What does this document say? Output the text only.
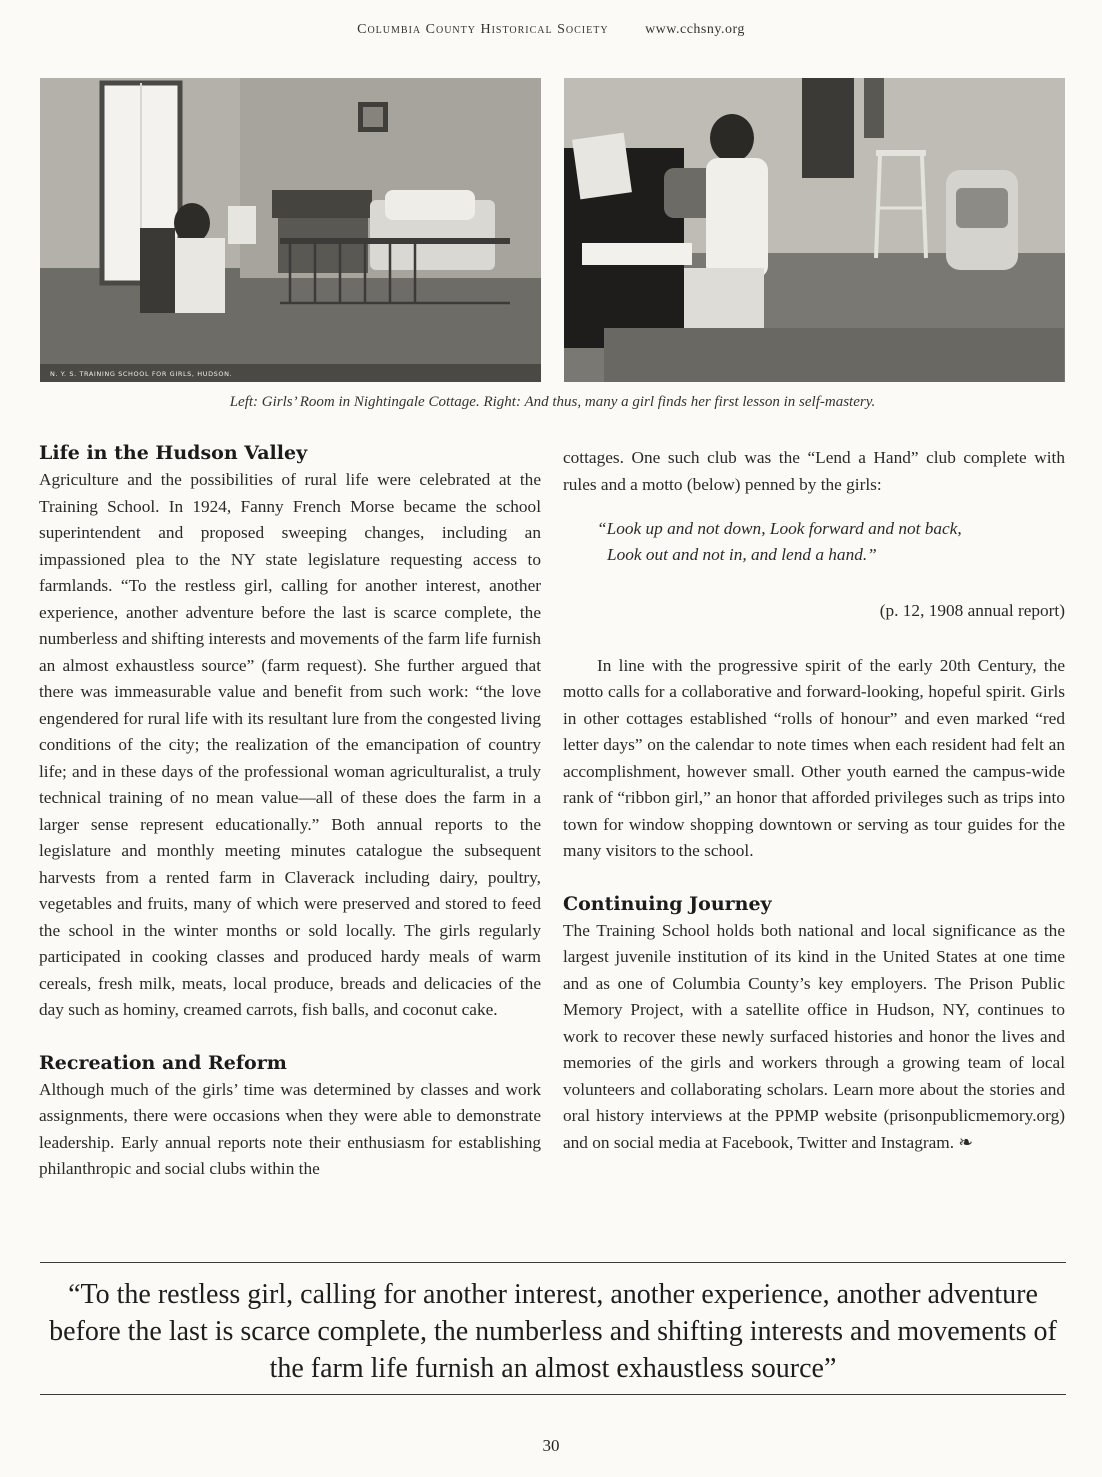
Columbia County Historical Society	www.cchsny.org
N. Y. S. TRAINING SCHOOL FOR GIRLS, HUDSON.
Left: Girls’ Room in Nightingale Cottage. Right: And thus, many a girl finds her first lesson in self-mastery.
Life in the Hudson Valley

Agriculture and the possibilities of rural life were celebrated at the Training School. In 1924, Fanny French Morse became the school superintendent and proposed sweeping changes, including an impassioned plea to the NY state legislature requesting access to farmlands. “To the restless girl, calling for another interest, another experience, another adventure before the last is scarce complete, the numberless and shifting interests and movements of the farm life furnish an almost exhaustless source” (farm request). She further argued that there was immeasurable value and benefit from such work: “the love engendered for rural life with its resultant lure from the congested living conditions of the city; the realization of the emancipation of country life; and in these days of the professional woman agriculturalist, a truly technical training of no mean value—all of these does the farm in a larger sense represent educationally.” Both annual reports to the legislature and monthly meeting minutes catalogue the subsequent harvests from a rented farm in Claverack including dairy, poultry, vegetables and fruits, many of which were preserved and stored to feed the school in the winter months or sold locally. The girls regularly participated in cooking classes and produced hardy meals of warm cereals, fresh milk, meats, local produce, breads and delicacies of the day such as hominy, creamed carrots, fish balls, and coconut cake.

Recreation and Reform

Although much of the girls’ time was determined by classes and work assignments, there were occasions when they were able to demonstrate leadership. Early annual reports note their enthusiasm for establishing philanthropic and social clubs within the

cottages. One such club was the “Lend a Hand” club complete with rules and a motto (below) penned by the girls:

“Look up and not down, Look forward and not back,
Look out and not in, and lend a hand.”
(p. 12, 1908 annual report)

In line with the progressive spirit of the early 20th Century, the motto calls for a collaborative and forward-looking, hopeful spirit. Girls in other cottages established “rolls of honour” and even marked “red letter days” on the calendar to note times when each resident had felt an accomplishment, however small. Other youth earned the campus-wide rank of “ribbon girl,” an honor that afforded privileges such as trips into town for window shopping downtown or serving as tour guides for the many visitors to the school.

Continuing Journey

The Training School holds both national and local significance as the largest juvenile institution of its kind in the United States at one time and as one of Columbia County’s key employers. The Prison Public Memory Project, with a satellite office in Hudson, NY, continues to work to recover these newly surfaced histories and honor the lives and memories of the girls and workers through a growing team of local volunteers and collaborating scholars. Learn more about the stories and oral history interviews at the PPMP website (prisonpublicmemory.org) and on social media at Facebook, Twitter and Instagram. ❧

“To the restless girl, calling for another interest, another experience, another adventure before the last is scarce complete, the numberless and shifting interests and movements of the farm life furnish an almost exhaustless source”
30
